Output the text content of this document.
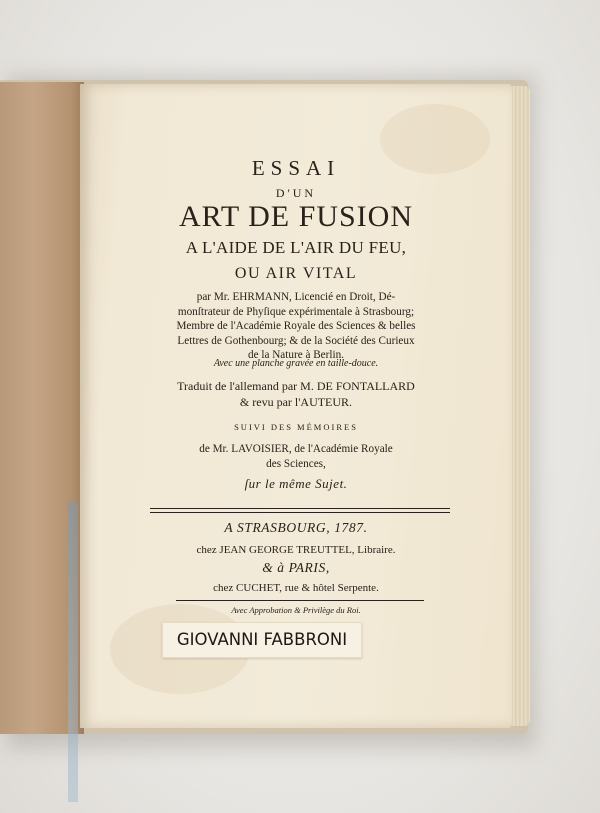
ESSAI
D'UN
ART DE FUSION
A L'AIDE DE L'AIR DU FEU,
OU AIR VITAL
par Mr. EHRMANN, Licencié en Droit, Dé-
monſtrateur de Phyſique expérimentale à Strasbourg;
Membre de l'Académie Royale des Sciences & belles
Lettres de Gothenbourg; & de la Société des Curieux
de la Nature à Berlin.
Avec une planche gravée en taille-douce.
Traduit de l'allemand par M. DE FONTALLARD
& revu par l'AUTEUR.
SUIVI DES MÉMOIRES
de Mr. LAVOISIER, de l'Académie Royale
des Sciences,
ſur le même Sujet.
A STRASBOURG, 1787.
chez JEAN GEORGE TREUTTEL, Libraire.
& à PARIS,
chez CUCHET, rue & hôtel Serpente.
Avec Approbation & Privilège du Roi.
GIOVANNI FABBRONI
